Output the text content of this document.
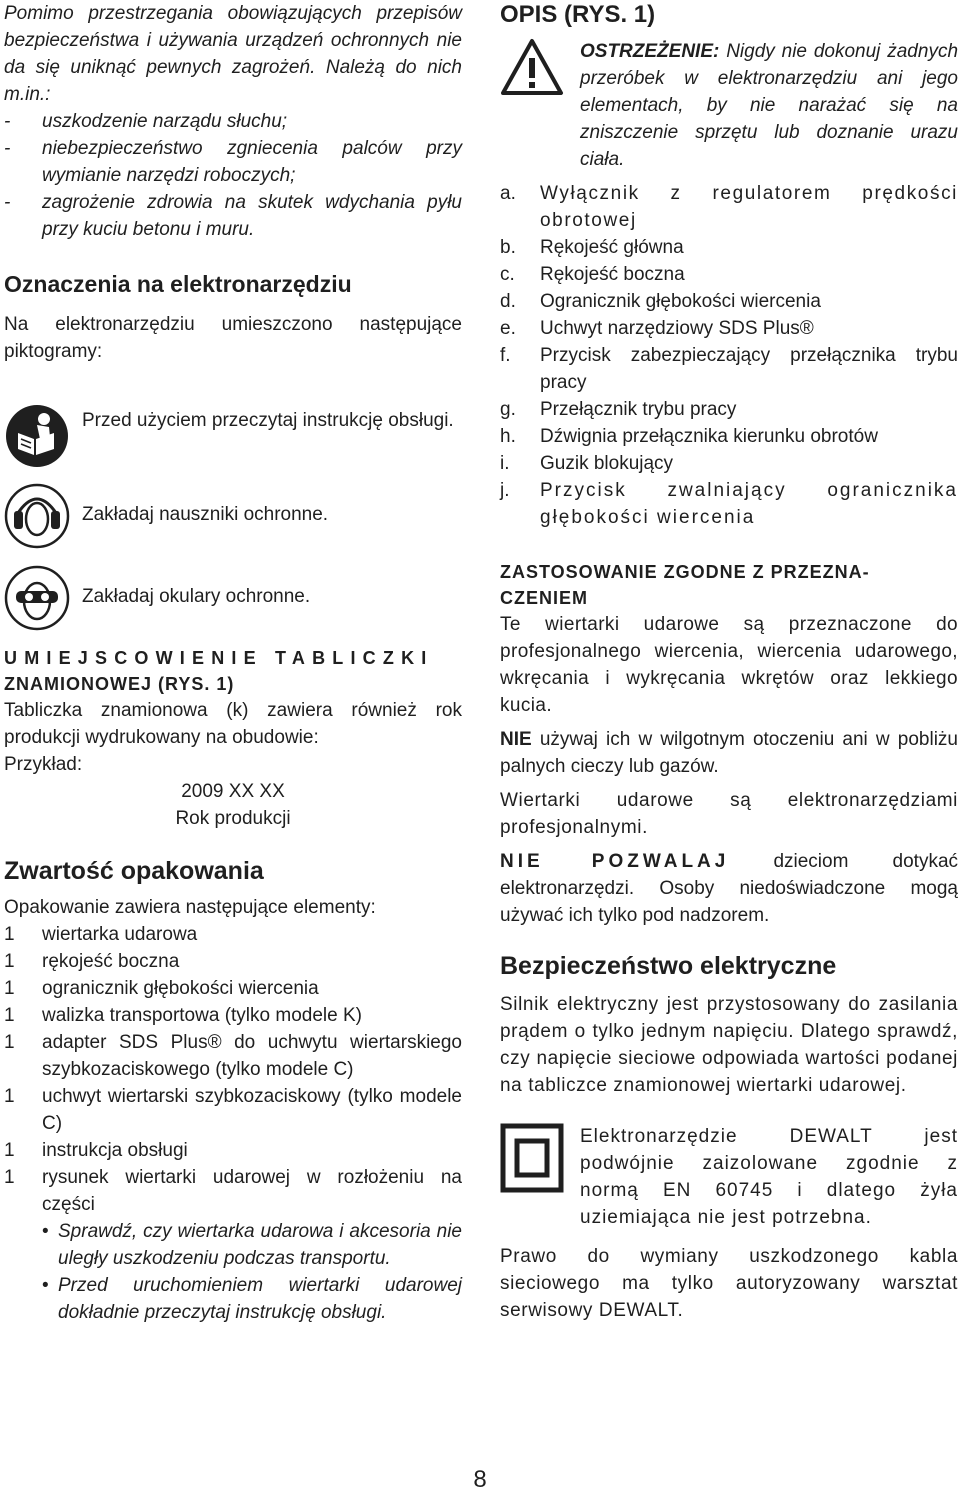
Pomimo przestrzegania obowiązujących przepisów bezpieczeństwa i używania urządzeń ochronnych nie da się uniknąć pewnych zagrożeń. Należą do nich m.in.:

-	uszkodzenie narządu słuchu;
-	niebezpieczeństwo zgniecenia palców przy wymianie narzędzi roboczych;
-	zagrożenie zdrowia na skutek wdychania pyłu przy kuciu betonu i muru.
Oznaczenia na elektronarzędziu

Na elektronarzędziu umieszczono następujące piktogramy:

Przed użyciem przeczytaj instrukcję obsługi.
Zakładaj nauszniki ochronne.
Zakładaj okulary ochronne.
UMIEJSCOWIENIE TABLICZKI
ZNAMIONOWEJ (RYS. 1)

Tabliczka znamionowa (k) zawiera również rok produkcji wydrukowany na obudowie:

Przykład:

2009 XX XX

Rok produkcji

Zwartość opakowania

Opakowanie zawiera następujące elementy:

1	wiertarka udarowa
1	rękojeść boczna
1	ogranicznik głębokości wiercenia
1	walizka transportowa (tylko modele K)
1	adapter SDS Plus® do uchwytu wiertarskiego szybkozaciskowego (tylko modele C)
1	uchwyt wiertarski szybkozaciskowy (tylko modele C)
1	instrukcja obsługi
1	rysunek wiertarki udarowej w rozłożeniu na części
• Sprawdź, czy wiertarka udarowa i akcesoria nie uległy uszkodzeniu podczas transportu.
• Przed uruchomieniem wiertarki udarowej dokładnie przeczytaj instrukcję obsługi.
OPIS (RYS. 1)
OSTRZEŻENIE: Nigdy nie dokonuj żadnych przeróbek w elektronarzędziu ani jego elementach, by nie narażać się na zniszczenie sprzętu lub doznanie urazu ciała.
a.	Wyłącznik z regulatorem prędkości obrotowej
b.	Rękojeść główna
c.	Rękojeść boczna
d.	Ogranicznik głębokości wiercenia
e.	Uchwyt narzędziowy SDS Plus®
f.	Przycisk zabezpieczający przełącznika trybu pracy
g.	Przełącznik trybu pracy
h.	Dźwignia przełącznika kierunku obrotów
i.	Guzik blokujący
j.	Przycisk zwalniający ogranicznika głębokości wiercenia
ZASTOSOWANIE ZGODNE Z PRZEZNA-
CZENIEM

Te wiertarki udarowe są przeznaczone do profesjonalnego wiercenia, wiercenia udarowego, wkręcania i wykręcania wkrętów oraz lekkiego kucia.

NIE używaj ich w wilgotnym otoczeniu ani w pobliżu palnych cieczy lub gazów.

Wiertarki udarowe są elektronarzędziami profesjonalnymi.

NIE POZWALAJ dzieciom dotykać elektronarzędzi. Osoby niedoświadczone mogą używać ich tylko pod nadzorem.

Bezpieczeństwo elektryczne

Silnik elektryczny jest przystosowany do zasilania prądem o tylko jednym napięciu. Dlatego sprawdź, czy napięcie sieciowe odpowiada wartości podanej na tabliczce znamionowej wiertarki udarowej.

Elektronarzędzie DEWALT jest podwójnie zaizolowane zgodnie z normą EN 60745 i dlatego żyła uziemiająca nie jest potrzebna.

Prawo do wymiany uszkodzonego kabla sieciowego ma tylko autoryzowany warsztat serwisowy DEWALT.

8
